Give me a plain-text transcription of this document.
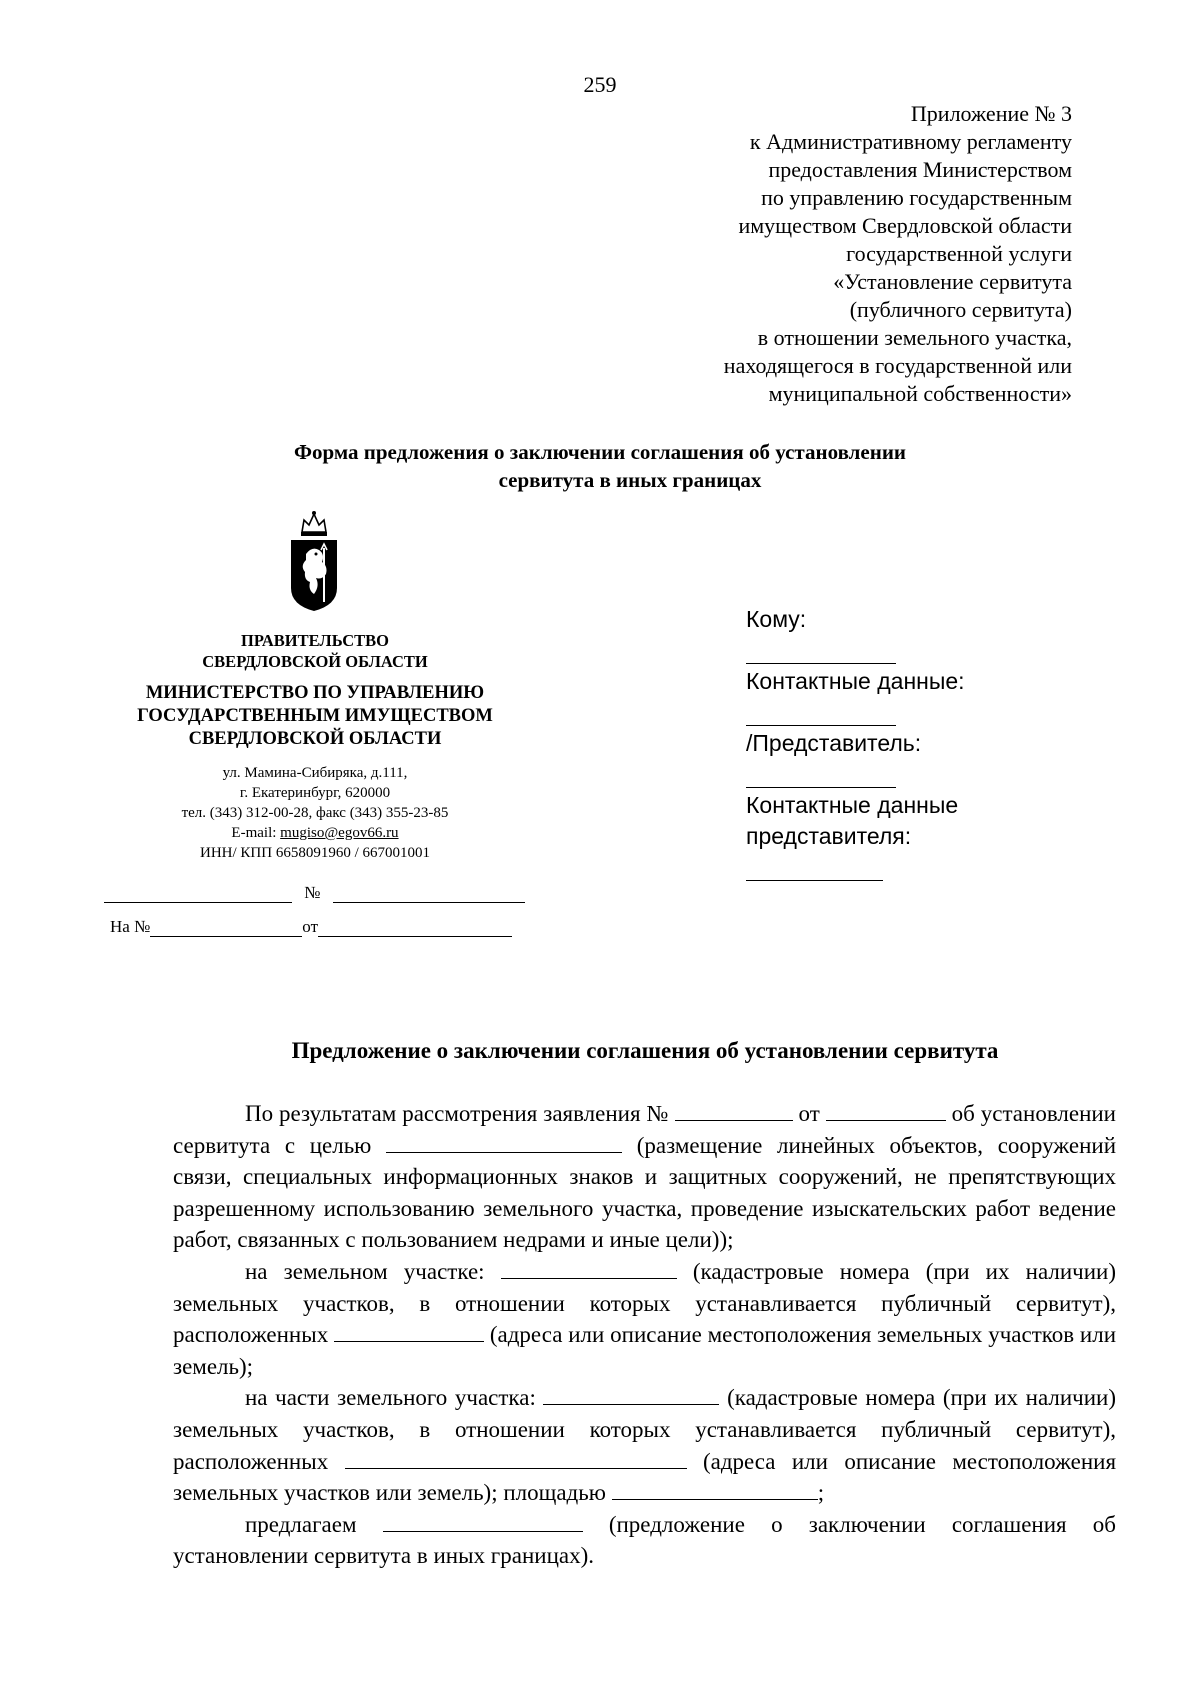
259
Приложение № 3
к Административному регламенту
предоставления Министерством
по управлению государственным
имуществом Свердловской области
государственной услуги
«Установление сервитута
(публичного сервитута)
в отношении земельного участка,
находящегося в государственной или
муниципальной собственности»
Форма предложения о заключении соглашения об установлении
сервитута в иных границах
ПРАВИТЕЛЬСТВО
СВЕРДЛОВСКОЙ ОБЛАСТИ
МИНИСТЕРСТВО ПО УПРАВЛЕНИЮ
ГОСУДАРСТВЕННЫМ ИМУЩЕСТВОМ
СВЕРДЛОВСКОЙ ОБЛАСТИ
ул. Мамина-Сибиряка, д.111,
г. Екатеринбург, 620000
тел. (343) 312-00-28, факс (343) 355-23-85
E-mail: mugiso@egov66.ru
ИНН/ КПП 6658091960 / 667001001
№
На №	от
Кому:
Контактные данные:
/Представитель:
Контактные данные
представителя:
Предложение о заключении соглашения об установлении сервитута

По результатам рассмотрения заявления №	от	об установлении сервитута с целью	(размещение линейных объектов, сооружений связи, специальных информационных знаков и защитных сооружений, не препятствующих разрешенному использованию земельного участка, проведение изыскательских работ ведение работ, связанных с пользованием недрами и иные цели));

на земельном участке:	(кадастровые номера (при их наличии) земельных участков, в отношении которых устанавливается публичный сервитут), расположенных	(адреса или описание местоположения земельных участков или земель);

на части земельного участка:	(кадастровые номера (при их наличии) земельных участков, в отношении которых устанавливается публичный сервитут), расположенных	(адреса или описание местоположения земельных участков или земель); площадью	;

предлагаем	(предложение о заключении соглашения об установлении сервитута в иных границах).
